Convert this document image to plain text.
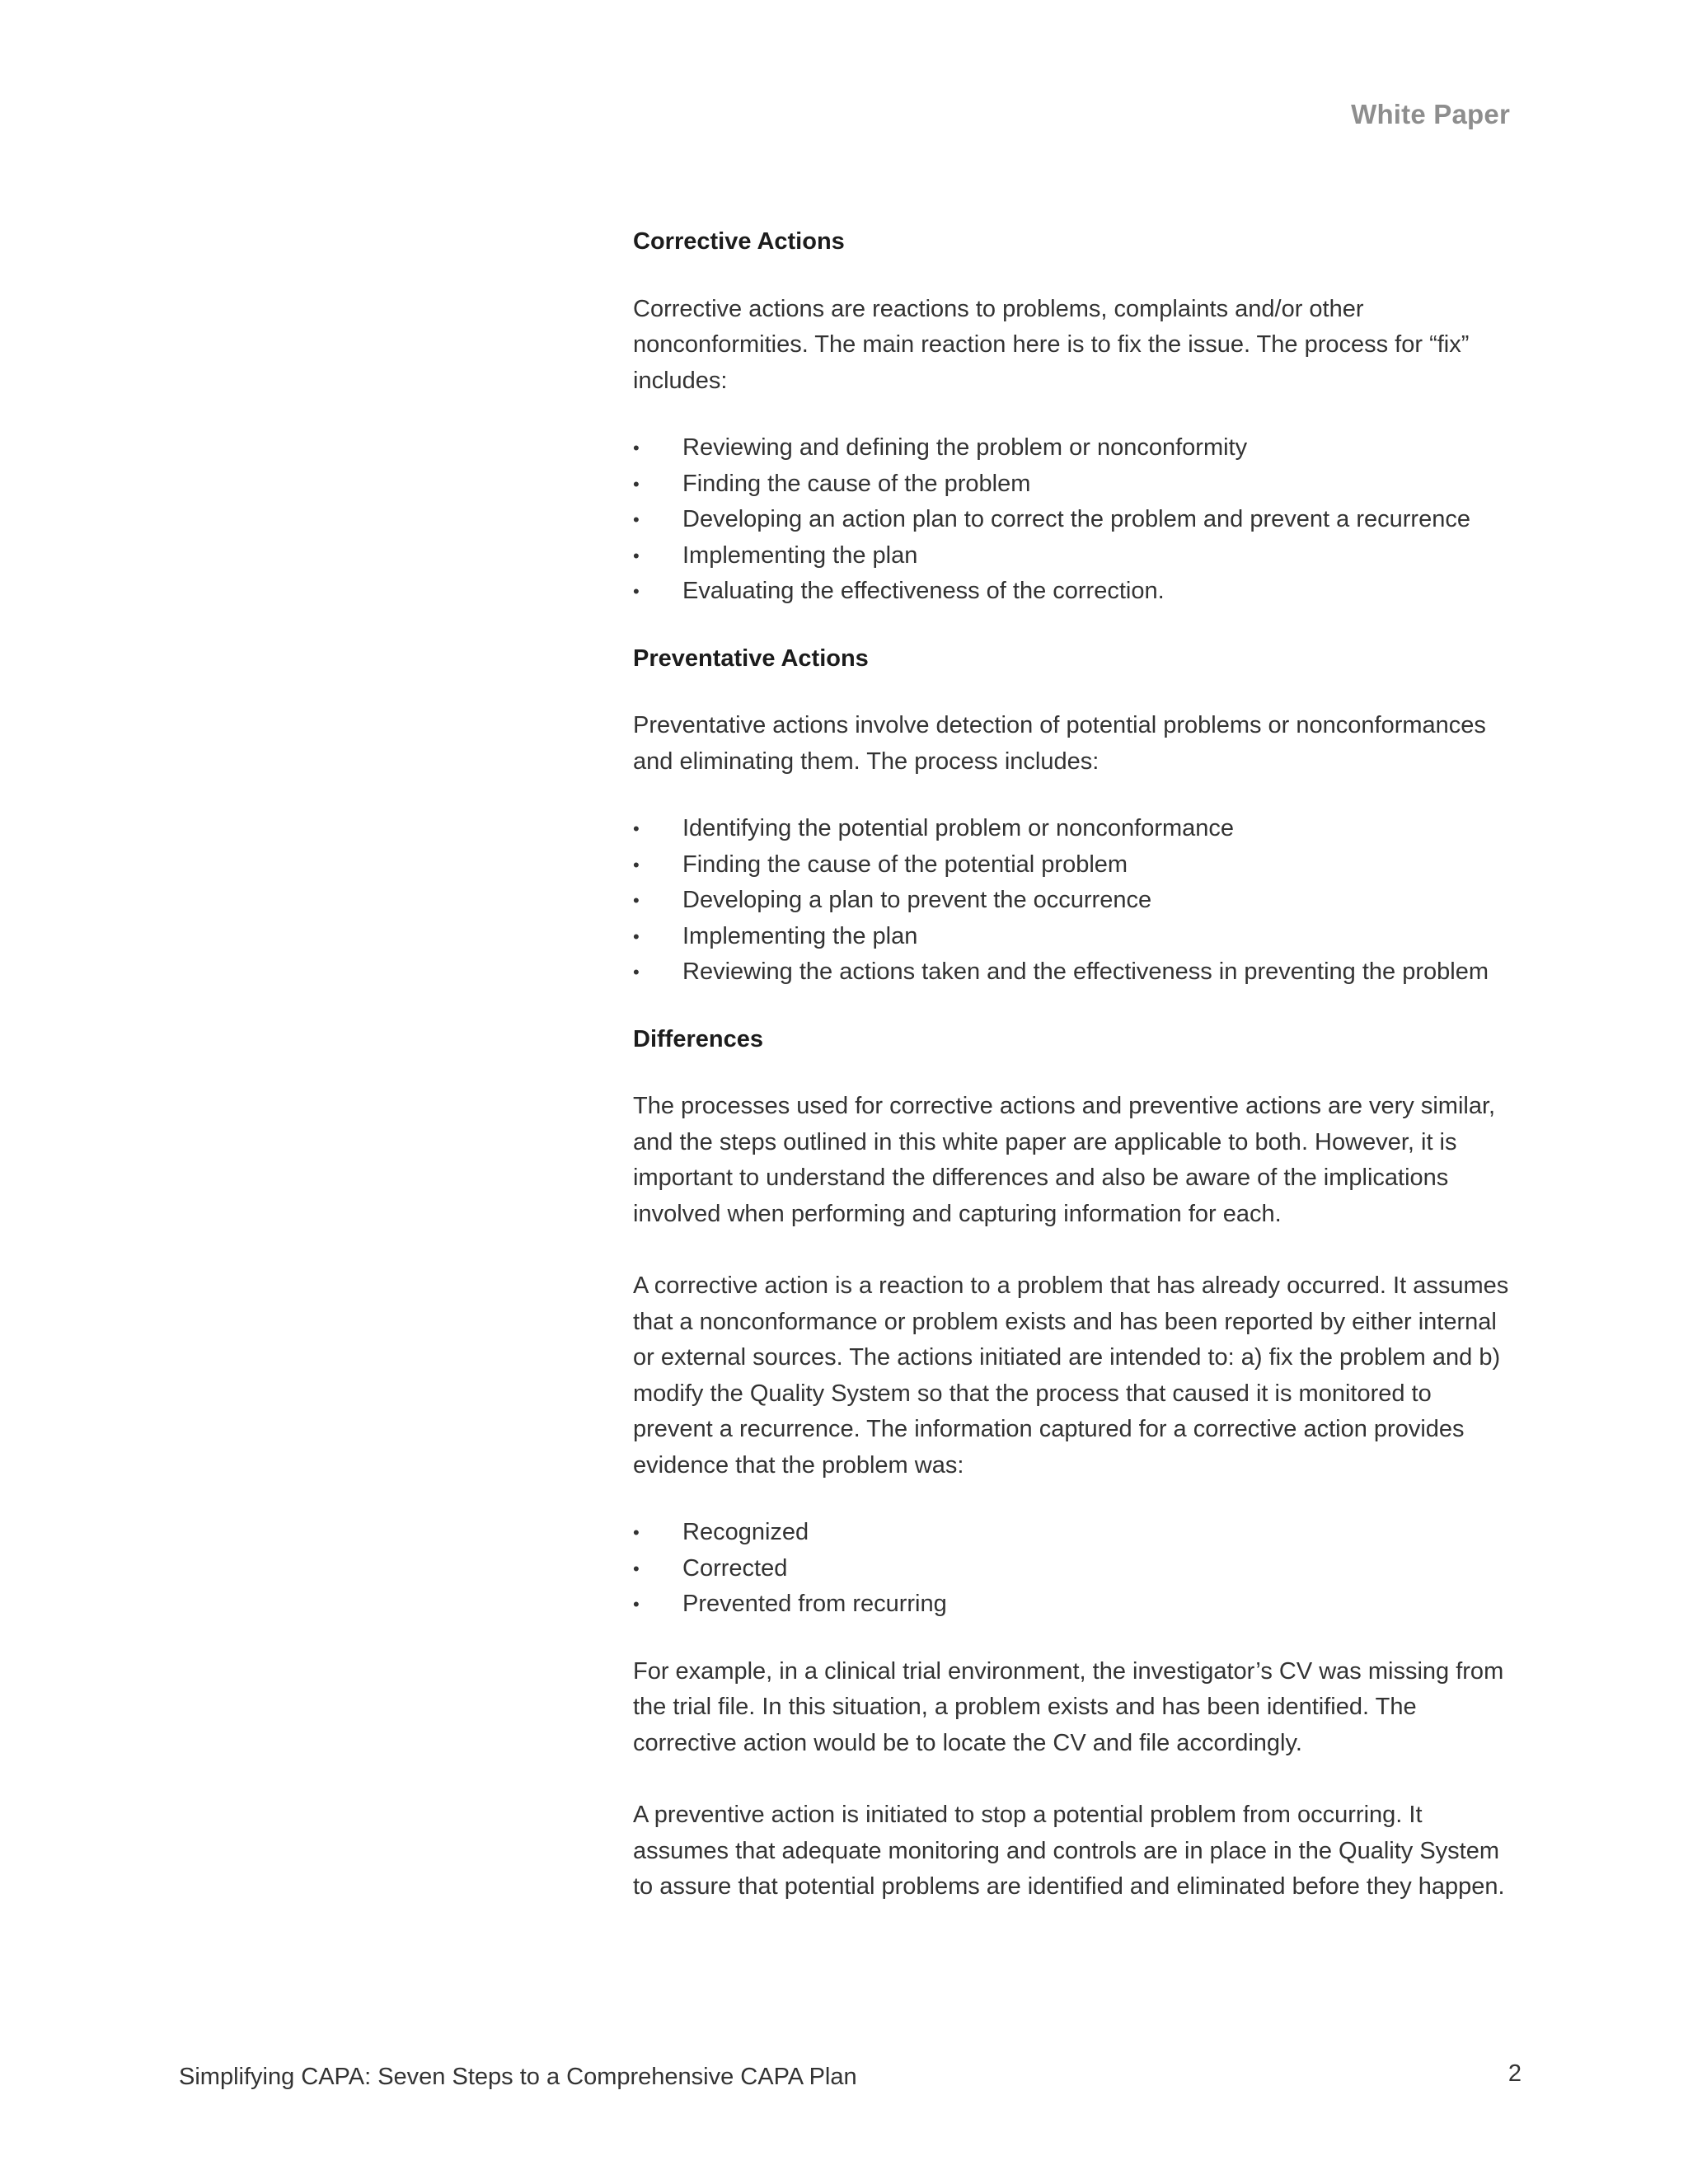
White Paper
Corrective Actions

Corrective actions are reactions to problems, complaints and/or other nonconformities. The main reaction here is to fix the issue. The process for “fix” includes:

• Reviewing and defining the problem or nonconformity
• Finding the cause of the problem
• Developing an action plan to correct the problem and prevent a recurrence
• Implementing the plan
• Evaluating the effectiveness of the correction.
Preventative Actions

Preventative actions involve detection of potential problems or nonconformances and eliminating them. The process includes:

• Identifying the potential problem or nonconformance
• Finding the cause of the potential problem
• Developing a plan to prevent the occurrence
• Implementing the plan
• Reviewing the actions taken and the effectiveness in preventing the problem
Differences

The processes used for corrective actions and preventive actions are very similar, and the steps outlined in this white paper are applicable to both. However, it is important to understand the differences and also be aware of the implications involved when performing and capturing information for each.

A corrective action is a reaction to a problem that has already occurred. It assumes that a nonconformance or problem exists and has been reported by either internal or external sources. The actions initiated are intended to: a) fix the problem and b) modify the Quality System so that the process that caused it is monitored to prevent a recurrence. The information captured for a corrective action provides evidence that the problem was:

• Recognized
• Corrected
• Prevented from recurring

For example, in a clinical trial environment, the investigator’s CV was missing from the trial file. In this situation, a problem exists and has been identified. The corrective action would be to locate the CV and file accordingly.

A preventive action is initiated to stop a potential problem from occurring. It assumes that adequate monitoring and controls are in place in the Quality System to assure that potential problems are identified and eliminated before they happen.

Simplifying CAPA: Seven Steps to a Comprehensive CAPA Plan	2
